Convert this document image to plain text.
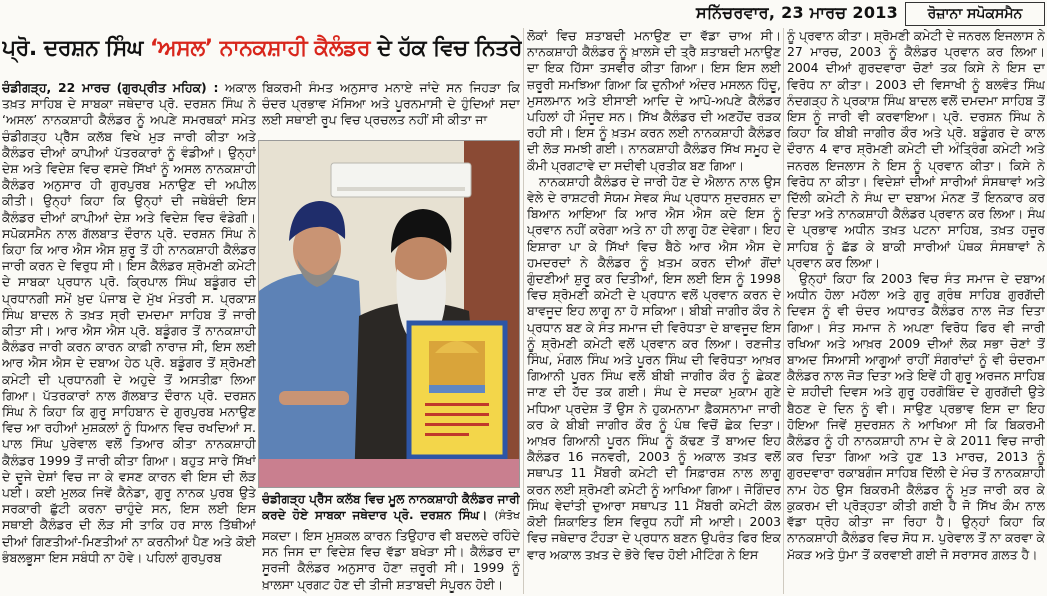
ਸਨਿੱਚਰਵਾਰ, 23 ਮਾਰਚ 2013	ਰੋਜ਼ਾਨਾ ਸਪੋਕਸਮੈਨ
ਪ੍ਰੋ. ਦਰਸ਼ਨ ਸਿੰਘ ‘ਅਸਲ’ ਨਾਨਕਸ਼ਾਹੀ ਕੈਲੰਡਰ ਦੇ ਹੱਕ ਵਿਚ ਨਿਤਰੇ

ਚੰਡੀਗੜ੍ਹ, 22 ਮਾਰਚ (ਗੁਰਪ੍ਰੀਤ ਮਹਿਕ) : ਅਕਾਲ ਤਖ਼ਤ ਸਾਹਿਬ ਦੇ ਸਾਬਕਾ ਜਥੇਦਾਰ ਪ੍ਰੋ. ਦਰਸ਼ਨ ਸਿੰਘ ਨੇ ‘ਅਸਲ’ ਨਾਨਕਸ਼ਾਹੀ ਕੈਲੰਡਰ ਨੂੰ ਅਪਣੇ ਸਮਰਥਕਾਂ ਸਮੇਤ ਚੰਡੀਗੜ੍ਹ ਪ੍ਰੈੱਸ ਕਲੱਬ ਵਿਖੇ ਮੁੜ ਜਾਰੀ ਕੀਤਾ ਅਤੇ ਕੈਲੰਡਰ ਦੀਆਂ ਕਾਪੀਆਂ ਪੱਤਰਕਾਰਾਂ ਨੂੰ ਵੰਡੀਆਂ। ਉਨ੍ਹਾਂ ਦੇਸ਼ ਅਤੇ ਵਿਦੇਸ਼ ਵਿਚ ਵਸਦੇ ਸਿੱਖਾਂ ਨੂੰ ਅਸਲ ਨਾਨਕਸ਼ਾਹੀ ਕੈਲੰਡਰ ਅਨੁਸਾਰ ਹੀ ਗੁਰਪੁਰਬ ਮਨਾਉਣ ਦੀ ਅਪੀਲ ਕੀਤੀ। ਉਨ੍ਹਾਂ ਕਿਹਾ ਕਿ ਉਨ੍ਹਾਂ ਦੀ ਜਥੇਬੰਦੀ ਇਸ ਕੈਲੰਡਰ ਦੀਆਂ ਕਾਪੀਆਂ ਦੇਸ਼ ਅਤੇ ਵਿਦੇਸ਼ ਵਿਚ ਵੰਡੇਗੀ। ਸਪੋਕਸਮੈਨ ਨਾਲ ਗੱਲਬਾਤ ਦੌਰਾਨ ਪ੍ਰੋ. ਦਰਸ਼ਨ ਸਿੰਘ ਨੇ ਕਿਹਾ ਕਿ ਆਰ ਐਸ ਐਸ ਸ਼ੁਰੂ ਤੋਂ ਹੀ ਨਾਨਕਸ਼ਾਹੀ ਕੈਲੰਡਰ ਜਾਰੀ ਕਰਨ ਦੇ ਵਿਰੁਧ ਸੀ। ਇਸ ਕੈਲੰਡਰ ਸ਼੍ਰੋਮਣੀ ਕਮੇਟੀ ਦੇ ਸਾਬਕਾ ਪ੍ਰਧਾਨ ਪ੍ਰੋ. ਕ੍ਰਿਪਾਲ ਸਿੰਘ ਬਡੂੰਗਰ ਦੀ ਪ੍ਰਧਾਨਗੀ ਸਮੇਂ ਖ਼ੁਦ ਪੰਜਾਬ ਦੇ ਮੁੱਖ ਮੰਤਰੀ ਸ. ਪ੍ਰਕਾਸ਼ ਸਿੰਘ ਬਾਦਲ ਨੇ ਤਖ਼ਤ ਸ੍ਰੀ ਦਮਦਮਾ ਸਾਹਿਬ ਤੋਂ ਜਾਰੀ ਕੀਤਾ ਸੀ। ਆਰ ਐਸ ਐਸ ਪ੍ਰੋ. ਬਡੂੰਗਰ ਤੋਂ ਨਾਨਕਸ਼ਾਹੀ ਕੈਲੰਡਰ ਜਾਰੀ ਕਰਨ ਕਾਰਨ ਕਾਫ਼ੀ ਨਾਰਾਜ਼ ਸੀ, ਇਸ ਲਈ ਆਰ ਐਸ ਐਸ ਦੇ ਦਬਾਅ ਹੇਠ ਪ੍ਰੋ. ਬਡੂੰਗਰ ਤੋਂ ਸ਼੍ਰੋਮਣੀ ਕਮੇਟੀ ਦੀ ਪ੍ਰਧਾਨਗੀ ਦੇ ਅਹੁਦੇ ਤੋਂ ਅਸਤੀਫ਼ਾ ਲਿਆ ਗਿਆ। ਪੱਤਰਕਾਰਾਂ ਨਾਲ ਗੱਲਬਾਤ ਦੌਰਾਨ ਪ੍ਰੋ. ਦਰਸ਼ਨ ਸਿੰਘ ਨੇ ਕਿਹਾ ਕਿ ਗੁਰੂ ਸਾਹਿਬਾਨ ਦੇ ਗੁਰਪੁਰਬ ਮਨਾਉਣ ਵਿਚ ਆ ਰਹੀਆਂ ਮੁਸ਼ਕਲਾਂ ਨੂੰ ਧਿਆਨ ਵਿਚ ਰਖਦਿਆਂ ਸ. ਪਾਲ ਸਿੰਘ ਪੁਰੇਵਾਲ ਵਲੋਂ ਤਿਆਰ ਕੀਤਾ ਨਾਨਕਸ਼ਾਹੀ ਕੈਲੰਡਰ 1999 ਤੋਂ ਜਾਰੀ ਕੀਤਾ ਗਿਆ। ਬਹੁਤ ਸਾਰੇ ਸਿੱਖਾਂ ਦੇ ਦੂਜੇ ਦੇਸ਼ਾਂ ਵਿਚ ਜਾ ਕੇ ਵਸਣ ਕਾਰਨ ਵੀ ਇਸ ਦੀ ਲੋੜ ਪਈ। ਕਈ ਮੁਲਕ ਜਿਵੇਂ ਕੈਨੇਡਾ, ਗੁਰੂ ਨਾਨਕ ਪੁਰਬ ਉਤੇ ਸਰਕਾਰੀ ਛੁੱਟੀ ਕਰਨਾ ਚਾਹੁੰਦੇ ਸਨ, ਇਸ ਲਈ ਇਸ ਸਥਾਈ ਕੈਲੰਡਰ ਦੀ ਲੋੜ ਸੀ ਤਾਕਿ ਹਰ ਸਾਲ ਤਿੱਥੀਆਂ ਦੀਆਂ ਗਿਣਤੀਆਂ-ਮਿਣਤੀਆਂ ਨਾ ਕਰਨੀਆਂ ਪੈਣ ਅਤੇ ਕੋਈ ਭੰਬਲਭੂਸਾ ਇਸ ਸਬੰਧੀ ਨਾ ਹੋਵੇ। ਪਹਿਲਾਂ ਗੁਰਪੁਰਬ

ਬਿਕਰਮੀ ਸੰਮਤ ਅਨੁਸਾਰ ਮਨਾਏ ਜਾਂਦੇ ਸਨ ਜਿਹੜਾ ਕਿ ਚੰਦਰ ਪ੍ਰਭਾਵ ਮੱਸਿਆ ਅਤੇ ਪੂਰਨਮਾਸੀ ਦੇ ਹੁੰਦਿਆਂ ਸਦਾ ਲਈ ਸਥਾਈ ਰੂਪ ਵਿਚ ਪ੍ਰਚਲਤ ਨਹੀਂ ਸੀ ਕੀਤਾ ਜਾ

ਚੰਡੀਗੜ੍ਹ ਪ੍ਰੈੱਸ ਕਲੱਬ ਵਿਚ ਮੂਲ ਨਾਨਕਸ਼ਾਹੀ ਕੈਲੰਡਰ ਜਾਰੀ ਕਰਦੇ ਹੋਏ ਸਾਬਕਾ ਜਥੇਦਾਰ ਪ੍ਰੋ. ਦਰਸ਼ਨ ਸਿੰਘ। (ਸੰਤੋਖ

ਸਕਦਾ। ਇਸ ਮੁਸ਼ਕਲ ਕਾਰਨ ਤਿਉਹਾਰ ਵੀ ਬਦਲਦੇ ਰਹਿੰਦੇ ਸਨ ਜਿਸ ਦਾ ਵਿਦੇਸ਼ ਵਿਚ ਵੱਡਾ ਬਖੇੜਾ ਸੀ। ਕੈਲੰਡਰ ਦਾ ਸੂਰਜੀ ਕੈਲੰਡਰ ਅਨੁਸਾਰ ਹੋਣਾ ਜ਼ਰੂਰੀ ਸੀ। 1999 ਨੂੰ ਖ਼ਾਲਸਾ ਪ੍ਰਗਟ ਹੋਣ ਦੀ ਤੀਜੀ ਸ਼ਤਾਬਦੀ ਸੰਪੂਰਨ ਹੋਈ।

ਲੋਕਾਂ ਵਿਚ ਸ਼ਤਾਬਦੀ ਮਨਾਉਣ ਦਾ ਵੱਡਾ ਚਾਅ ਸੀ। ਨਾਨਕਸ਼ਾਹੀ ਕੈਲੰਡਰ ਨੂੰ ਖ਼ਾਲਸੇ ਦੀ ਤ੍ਰੈ ਸ਼ਤਾਬਦੀ ਮਨਾਉਣ ਦਾ ਇਕ ਹਿੱਸਾ ਤਸਵੀਰ ਕੀਤਾ ਗਿਆ। ਇਸ ਇਸ ਲਈ ਜ਼ਰੂਰੀ ਸਮਝਿਆ ਗਿਆ ਕਿ ਦੁਨੀਆਂ ਅੰਦਰ ਮਸਲਨ ਹਿੰਦੂ, ਮੁਸਲਮਾਨ ਅਤੇ ਈਸਾਈ ਆਦਿ ਦੇ ਆਪੋ-ਅਪਣੇ ਕੈਲੰਡਰ ਪਹਿਲਾਂ ਹੀ ਮੌਜੂਦ ਸਨ। ਸਿੱਖ ਕੈਲੰਡਰ ਦੀ ਅਣਹੋਂਦ ਰੜਕ ਰਹੀ ਸੀ। ਇਸ ਨੂੰ ਖ਼ਤਮ ਕਰਨ ਲਈ ਨਾਨਕਸ਼ਾਹੀ ਕੈਲੰਡਰ ਦੀ ਲੋੜ ਸਮਝੀ ਗਈ। ਨਾਨਕਸ਼ਾਹੀ ਕੈਲੰਡਰ ਸਿੱਖ ਸਮੂਹ ਦੇ ਕੌਮੀ ਪ੍ਰਗਟਾਵੇ ਦਾ ਸਦੀਵੀ ਪ੍ਰਤੀਕ ਬਣ ਗਿਆ।

ਨਾਨਕਸ਼ਾਹੀ ਕੈਲੰਡਰ ਦੇ ਜਾਰੀ ਹੋਣ ਦੇ ਐਲਾਨ ਨਾਲ ਉਸ ਵੇਲੇ ਦੇ ਰਾਸ਼ਟਰੀ ਸੋਯਮ ਸੇਵਕ ਸੰਘ ਪ੍ਰਧਾਨ ਸੁਦਰਸ਼ਨ ਦਾ ਬਿਆਨ ਆਇਆ ਕਿ ਆਰ ਐਸ ਐਸ ਕਦੇ ਇਸ ਨੂੰ ਪ੍ਰਵਾਨ ਨਹੀਂ ਕਰੇਗਾ ਅਤੇ ਨਾ ਹੀ ਲਾਗੂ ਹੋਣ ਦੇਵੇਗਾ। ਇਹ ਇਸ਼ਾਰਾ ਪਾ ਕੇ ਸਿੱਖਾਂ ਵਿਚ ਬੈਠੇ ਆਰ ਐਸ ਐਸ ਦੇ ਹਮਦਰਦਾਂ ਨੇ ਕੈਲੰਡਰ ਨੂੰ ਖ਼ਤਮ ਕਰਨ ਦੀਆਂ ਗੋਂਦਾਂ ਗੁੰਦਣੀਆਂ ਸ਼ੁਰੂ ਕਰ ਦਿਤੀਆਂ, ਇਸ ਲਈ ਇਸ ਨੂੰ 1998 ਵਿਚ ਸ਼੍ਰੋਮਣੀ ਕਮੇਟੀ ਦੇ ਪ੍ਰਧਾਨ ਵਲੋਂ ਪ੍ਰਵਾਨ ਕਰਨ ਦੇ ਬਾਵਜੂਦ ਇਹ ਲਾਗੂ ਨਾ ਹੋ ਸਕਿਆ। ਬੀਬੀ ਜਾਗੀਰ ਕੌਰ ਨੇ ਪ੍ਰਧਾਨ ਬਣ ਕੇ ਸੰਤ ਸਮਾਜ ਦੀ ਵਿਰੋਧਤਾ ਦੇ ਬਾਵਜੂਦ ਇਸ ਨੂੰ ਸ਼੍ਰੋਮਣੀ ਕਮੇਟੀ ਵਲੋਂ ਪ੍ਰਵਾਨ ਕਰ ਲਿਆ। ਰਣਜੀਤ ਸਿੰਘ, ਮੰਗਲ ਸਿੰਘ ਅਤੇ ਪੂਰਨ ਸਿੰਘ ਦੀ ਵਿਰੋਧਤਾ ਆਖ਼ਰ ਗਿਆਨੀ ਪੂਰਨ ਸਿੰਘ ਵਲੋਂ ਬੀਬੀ ਜਾਗੀਰ ਕੌਰ ਨੂੰ ਛੇਕਣ ਜਾਣ ਦੀ ਹੱਦ ਤਕ ਗਈ। ਸੰਘ ਦੇ ਸਦਕਾ ਮੁਕਾਮ ਗੁਣੇ ਮਧਿਆ ਪ੍ਰਦੇਸ਼ ਤੋਂ ਉਸ ਨੇ ਹੁਕਮਨਾਮਾ ਫ਼ੈਕਸਨਾਮਾ ਜਾਰੀ ਕਰ ਕੇ ਬੀਬੀ ਜਾਗੀਰ ਕੌਰ ਨੂੰ ਪੰਥ ਵਿਚੋਂ ਛੇਕ ਦਿਤਾ। ਆਖ਼ਰ ਗਿਆਨੀ ਪੂਰਨ ਸਿੰਘ ਨੂੰ ਕੱਢਣ ਤੋਂ ਬਾਅਦ ਇਹ ਕੈਲੰਡਰ 16 ਜਨਵਰੀ, 2003 ਨੂੰ ਅਕਾਲ ਤਖ਼ਤ ਵਲੋਂ ਸਥਾਪਤ 11 ਮੈਂਬਰੀ ਕਮੇਟੀ ਦੀ ਸਿਫ਼ਾਰਸ਼ ਨਾਲ ਲਾਗੂ ਕਰਨ ਲਈ ਸ਼੍ਰੋਮਣੀ ਕਮੇਟੀ ਨੂੰ ਆਖਿਆ ਗਿਆ। ਜੋਗਿੰਦਰ ਸਿੰਘ ਵੇਦਾਂਤੀ ਦੁਆਰਾ ਸਥਾਪਤ 11 ਮੈਂਬਰੀ ਕਮੇਟੀ ਕੋਲ ਕੋਈ ਸ਼ਿਕਾਇਤ ਇਸ ਵਿਰੁਧ ਨਹੀਂ ਸੀ ਆਈ। 2003 ਵਿਚ ਜਥੇਦਾਰ ਟੌਹੜਾ ਦੇ ਪ੍ਰਧਾਨ ਬਣਨ ਉਪਰੰਤ ਫਿਰ ਇਕ ਵਾਰ ਅਕਾਲ ਤਖ਼ਤ ਦੇ ਭੋਰੇ ਵਿਚ ਹੋਈ ਮੀਟਿੰਗ ਨੇ ਇਸ

ਨੂੰ ਪ੍ਰਵਾਨ ਕੀਤਾ। ਸ਼੍ਰੋਮਣੀ ਕਮੇਟੀ ਦੇ ਜਨਰਲ ਇਜਲਾਸ ਨੇ 27 ਮਾਰਚ, 2003 ਨੂੰ ਕੈਲੰਡਰ ਪ੍ਰਵਾਨ ਕਰ ਲਿਆ। 2004 ਦੀਆਂ ਗੁਰਦਵਾਰਾ ਚੋਣਾਂ ਤਕ ਕਿਸੇ ਨੇ ਇਸ ਦਾ ਵਿਰੋਧ ਨਾ ਕੀਤਾ। 2003 ਦੀ ਵਿਸਾਖੀ ਨੂੰ ਬਲਵੰਤ ਸਿੰਘ ਨੰਦਗੜ੍ਹ ਨੇ ਪ੍ਰਕਾਸ਼ ਸਿੰਘ ਬਾਦਲ ਵਲੋਂ ਦਮਦਮਾ ਸਾਹਿਬ ਤੋਂ ਇਸ ਨੂੰ ਜਾਰੀ ਵੀ ਕਰਵਾਇਆ। ਪ੍ਰੋ. ਦਰਸ਼ਨ ਸਿੰਘ ਨੇ ਕਿਹਾ ਕਿ ਬੀਬੀ ਜਾਗੀਰ ਕੌਰ ਅਤੇ ਪ੍ਰੋ. ਬਡੂੰਗਰ ਦੇ ਕਾਲ ਦੌਰਾਨ 4 ਵਾਰ ਸ਼੍ਰੋਮਣੀ ਕਮੇਟੀ ਦੀ ਅੰਤ੍ਰਿੰਗ ਕਮੇਟੀ ਅਤੇ ਜਨਰਲ ਇਜਲਾਸ ਨੇ ਇਸ ਨੂੰ ਪ੍ਰਵਾਨ ਕੀਤਾ। ਕਿਸੇ ਨੇ ਵਿਰੋਧ ਨਾ ਕੀਤਾ। ਵਿਦੇਸ਼ਾਂ ਦੀਆਂ ਸਾਰੀਆਂ ਸੰਸਥਾਵਾਂ ਅਤੇ ਦਿੱਲੀ ਕਮੇਟੀ ਨੇ ਸੰਘ ਦਾ ਦਬਾਅ ਮੰਨਣ ਤੋਂ ਇਨਕਾਰ ਕਰ ਦਿਤਾ ਅਤੇ ਨਾਨਕਸ਼ਾਹੀ ਕੈਲੰਡਰ ਪ੍ਰਵਾਨ ਕਰ ਲਿਆ। ਸੰਘ ਦੇ ਪ੍ਰਭਾਵ ਅਧੀਨ ਤਖ਼ਤ ਪਟਨਾ ਸਾਹਿਬ, ਤਖ਼ਤ ਹਜ਼ੂਰ ਸਾਹਿਬ ਨੂੰ ਛੱਡ ਕੇ ਬਾਕੀ ਸਾਰੀਆਂ ਪੰਥਕ ਸੰਸਥਾਵਾਂ ਨੇ ਪ੍ਰਵਾਨ ਕਰ ਲਿਆ।

ਉਨ੍ਹਾਂ ਕਿਹਾ ਕਿ 2003 ਵਿਚ ਸੰਤ ਸਮਾਜ ਦੇ ਦਬਾਅ ਅਧੀਨ ਹੋਲਾ ਮਹੱਲਾ ਅਤੇ ਗੁਰੂ ਗ੍ਰੰਥ ਸਾਹਿਬ ਗੁਰਗੱਦੀ ਦਿਵਸ ਨੂੰ ਵੀ ਚੰਦਰ ਅਧਾਰਤ ਕੈਲੰਡਰ ਨਾਲ ਜੋੜ ਦਿਤਾ ਗਿਆ। ਸੰਤ ਸਮਾਜ ਨੇ ਅਪਣਾ ਵਿਰੋਧ ਫਿਰ ਵੀ ਜਾਰੀ ਰਖਿਆ ਅਤੇ ਆਖ਼ਰ 2009 ਦੀਆਂ ਲੋਕ ਸਭਾ ਚੋਣਾਂ ਤੋਂ ਬਾਅਦ ਸਿਆਸੀ ਆਗੂਆਂ ਰਾਹੀਂ ਸੰਗਰਾਂਦਾਂ ਨੂੰ ਵੀ ਚੰਦਰਮਾ ਕੈਲੰਡਰ ਨਾਲ ਜੋੜ ਦਿਤਾ ਅਤੇ ਇਵੇਂ ਹੀ ਗੁਰੂ ਅਰਜਨ ਸਾਹਿਬ ਦੇ ਸ਼ਹੀਦੀ ਦਿਵਸ ਅਤੇ ਗੁਰੂ ਹਰਗੋਬਿੰਦ ਦੇ ਗੁਰਗੱਦੀ ਉਤੇ ਬੈਠਣ ਦੇ ਦਿਨ ਨੂੰ ਵੀ। ਸਾਉਣ ਪ੍ਰਭਾਵ ਇਸ ਦਾ ਇਹ ਹੋਇਆ ਜਿਵੇਂ ਸੁਦਰਸ਼ਨ ਨੇ ਆਖਿਆ ਸੀ ਕਿ ਬਿਕਰਮੀ ਕੈਲੰਡਰ ਨੂੰ ਹੀ ਨਾਨਕਸ਼ਾਹੀ ਨਾਮ ਦੇ ਕੇ 2011 ਵਿਚ ਜਾਰੀ ਕਰ ਦਿਤਾ ਗਿਆ ਅਤੇ ਹੁਣ 13 ਮਾਰਚ, 2013 ਨੂੰ ਗੁਰਦਵਾਰਾ ਰਕਾਬਗੰਜ ਸਾਹਿਬ ਦਿੱਲੀ ਦੇ ਮੰਚ ਤੋਂ ਨਾਨਕਸ਼ਾਹੀ ਨਾਮ ਹੇਠ ਉਸ ਬਿਕਰਮੀ ਕੈਲੰਡਰ ਨੂੰ ਮੁੜ ਜਾਰੀ ਕਰ ਕੇ ਕੁਕਰਮ ਦੀ ਪ੍ਰੋੜ੍ਹਤਾ ਕੀਤੀ ਗਈ ਹੈ ਜੋ ਸਿੱਖ ਕੌਮ ਨਾਲ ਵੱਡਾ ਧ੍ਰੋਹ ਕੀਤਾ ਜਾ ਰਿਹਾ ਹੈ। ਉਨ੍ਹਾਂ ਕਿਹਾ ਕਿ ਨਾਨਕਸ਼ਾਹੀ ਕੈਲੰਡਰ ਵਿਚ ਸੋਧ ਸ. ਪੁਰੇਵਾਲ ਤੋਂ ਨਾ ਕਰਵਾ ਕੇ ਮੱਕੜ ਅਤੇ ਧੁੰਮਾ ਤੋਂ ਕਰਵਾਈ ਗਈ ਜੋ ਸਰਾਸਰ ਗ਼ਲਤ ਹੈ।
